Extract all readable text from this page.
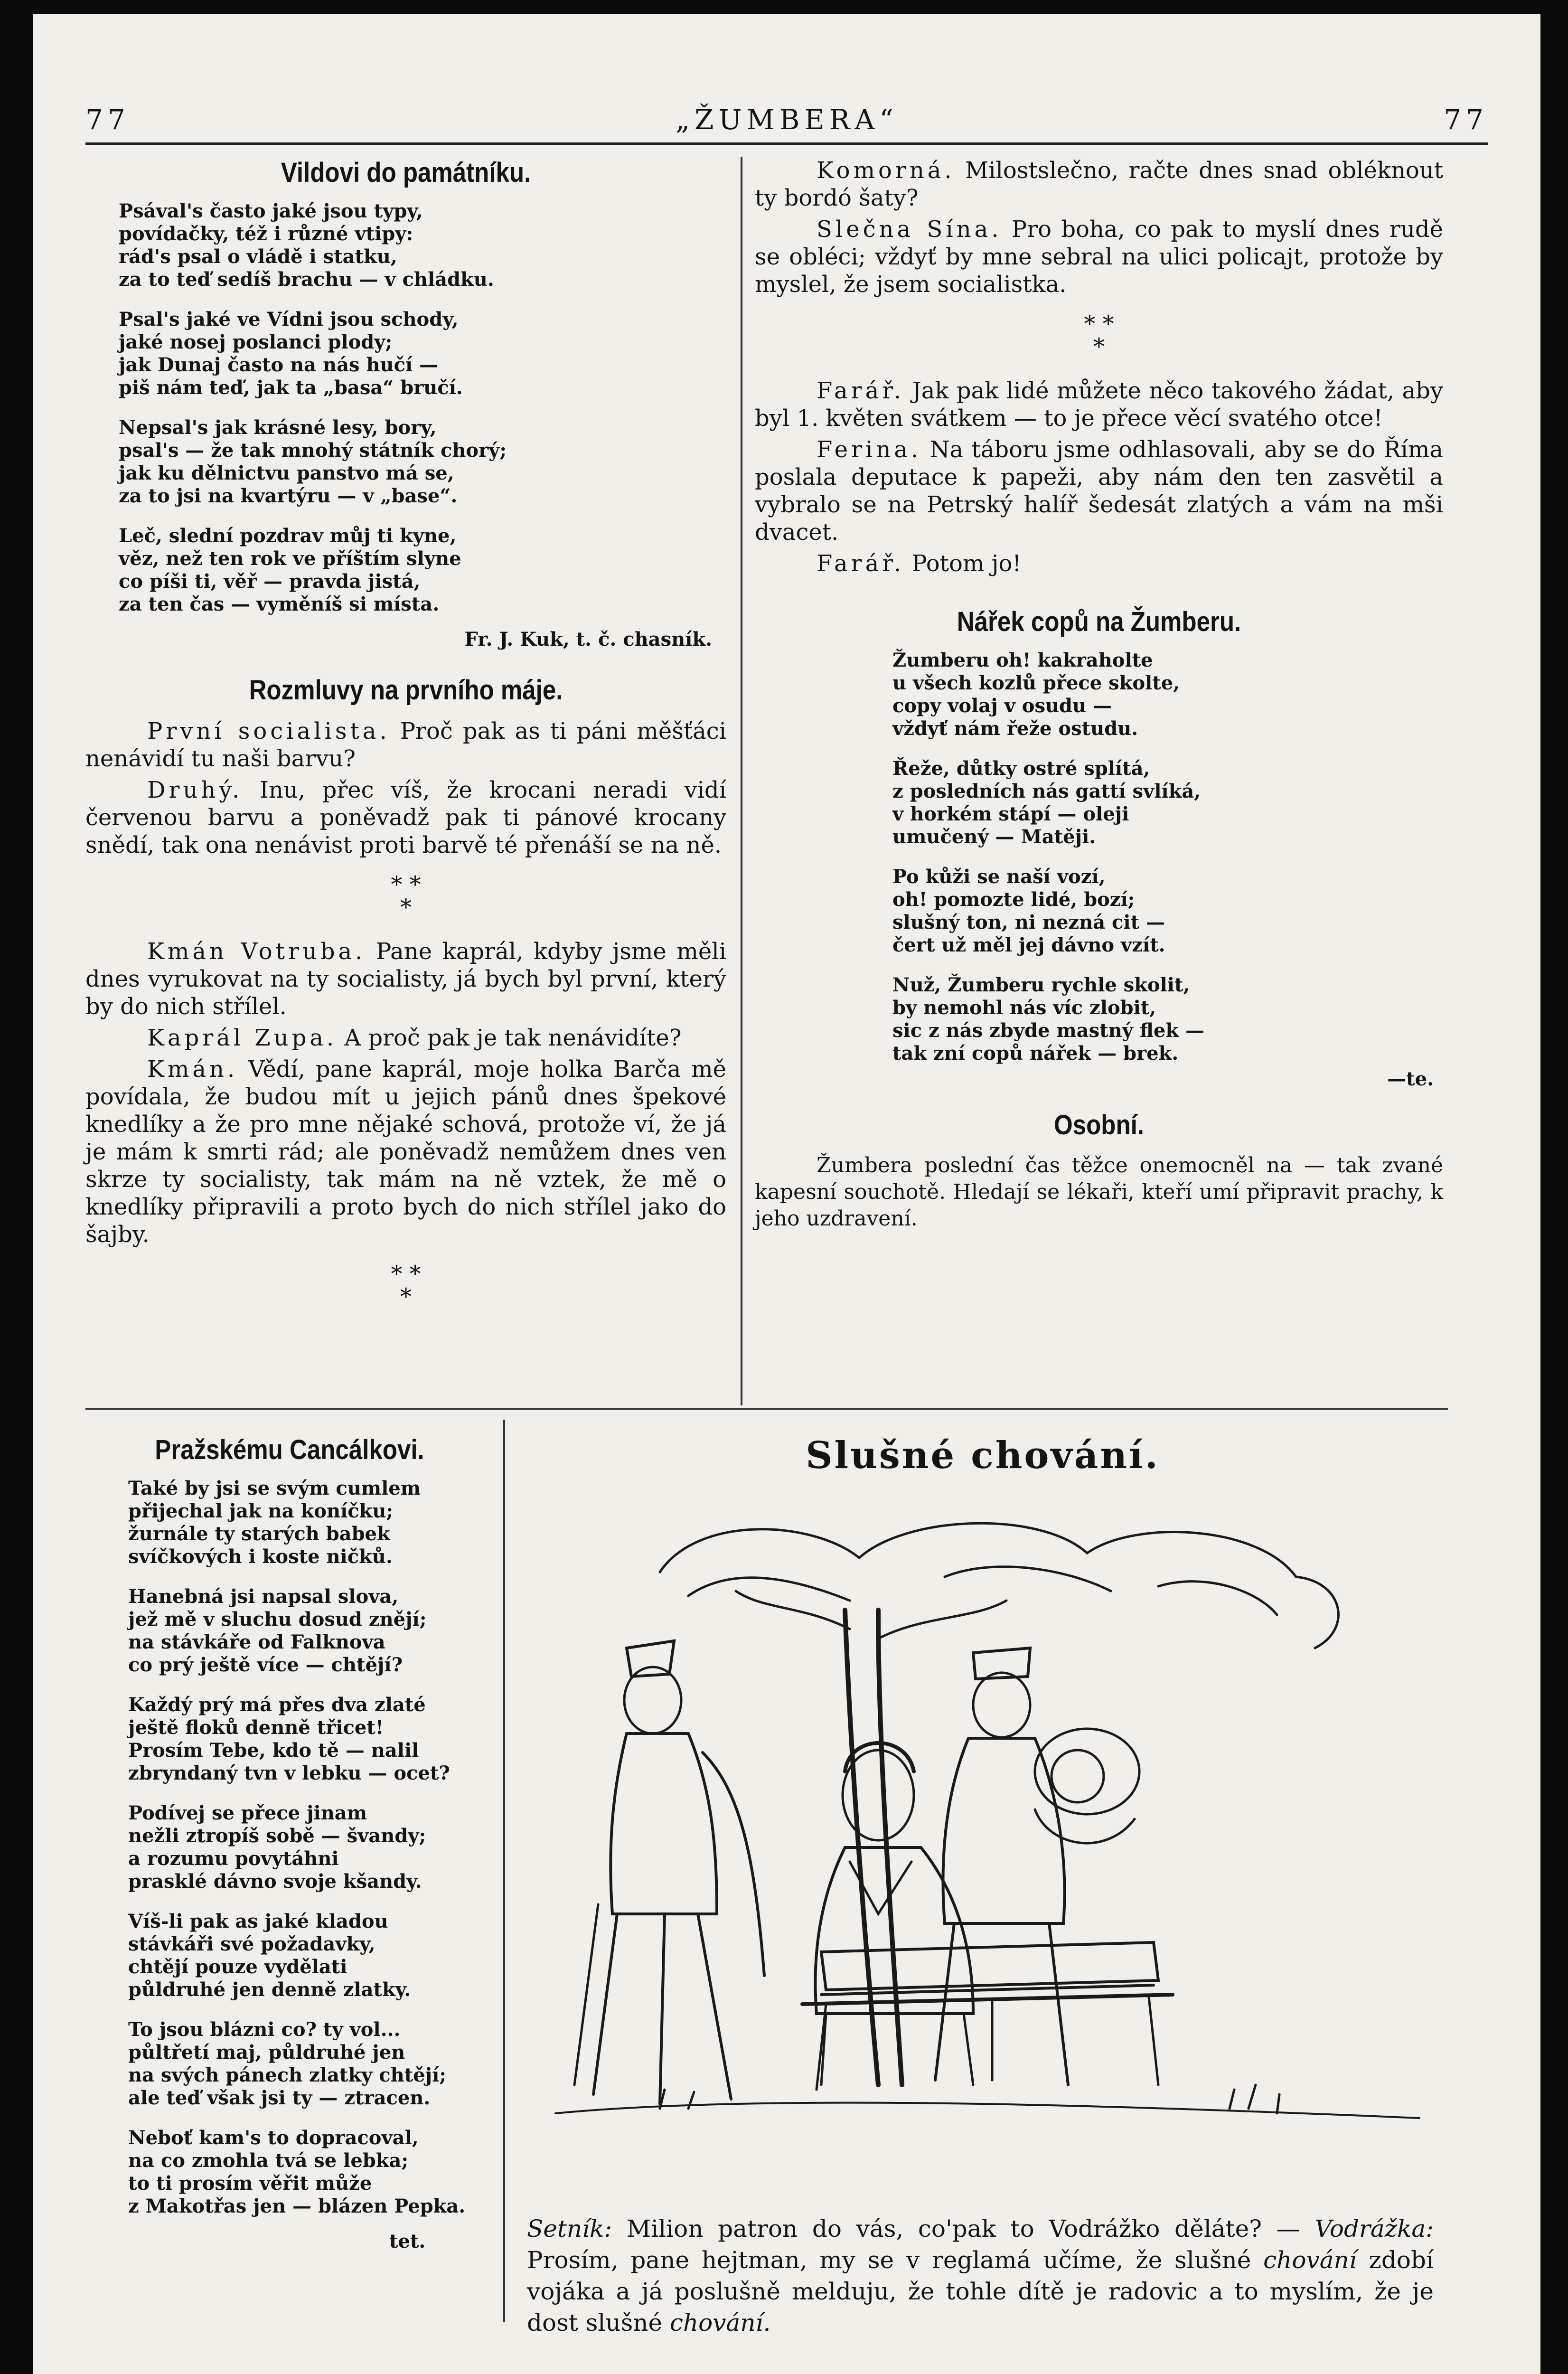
77	„ŽUMBERA“	77
Vildovi do památníku.
Psával's často jaké jsou typy,
povídačky, též i různé vtipy:
rád's psal o vládě i statku,
za to teď sedíš brachu — v chládku.
Psal's jaké ve Vídni jsou schody,
jaké nosej poslanci plody;
jak Dunaj často na nás hučí —
piš nám teď, jak ta „basa“ bručí.
Nepsal's jak krásné lesy, bory,
psal's — že tak mnohý státník chorý;
jak ku dělnictvu panstvo má se,
za to jsi na kvartýru — v „base“.
Leč, slední pozdrav můj ti kyne,
věz, než ten rok ve příštím slyne
co píši ti, věř — pravda jistá,
za ten čas — vyměníš si místa.
Fr. J. Kuk, t. č. chasník.
Rozmluvy na prvního máje.

První socialista. Proč pak as ti páni měšťáci nenávidí tu naši barvu?

Druhý. Inu, přec víš, že krocani neradi vidí červenou barvu a poněvadž pak ti pánové krocany snědí, tak ona nenávist proti barvě té přenáší se na ně.

* *
*

Kmán Votruba. Pane kaprál, kdyby jsme měli dnes vyrukovat na ty socialisty, já bych byl první, který by do nich střílel.

Kaprál Zupa. A proč pak je tak nenávidíte?

Kmán. Vědí, pane kaprál, moje holka Barča mě povídala, že budou mít u jejich pánů dnes špekové knedlíky a že pro mne nějaké schová, protože ví, že já je mám k smrti rád; ale poněvadž nemůžem dnes ven skrze ty socialisty, tak mám na ně vztek, že mě o knedlíky připravili a proto bych do nich střílel jako do šajby.

* *
*

Komorná. Milostslečno, račte dnes snad obléknout ty bordó šaty?

Slečna Sína. Pro boha, co pak to myslí dnes rudě se obléci; vždyť by mne sebral na ulici policajt, protože by myslel, že jsem socialistka.

* *
*

Farář. Jak pak lidé můžete něco takového žádat, aby byl 1. květen svátkem — to je přece věcí svatého otce!

Ferina. Na táboru jsme odhlasovali, aby se do Říma poslala deputace k papeži, aby nám den ten zasvětil a vybralo se na Petrský halíř šedesát zlatých a vám na mši dvacet.

Farář. Potom jo!

Nářek copů na Žumberu.
Žumberu oh! kakraholte
u všech kozlů přece skolte,
copy volaj v osudu —
vždyť nám řeže ostudu.
Řeže, důtky ostré splítá,
z posledních nás gattí svlíká,
v horkém stápí — oleji
umučený — Matěji.
Po kůži se naší vozí,
oh! pomozte lidé, bozí;
slušný ton, ni nezná cit —
čert už měl jej dávno vzít.
Nuž, Žumberu rychle skolit,
by nemohl nás víc zlobit,
sic z nás zbyde mastný flek —
tak zní copů nářek — brek.
—te.
Osobní.

Žumbera poslední čas těžce onemocněl na — tak zvané kapesní souchotě. Hledají se lékaři, kteří umí připravit prachy, k jeho uzdravení.

Pražskému Cancálkovi.
Také by jsi se svým cumlem
přijechal jak na koníčku;
žurnále ty starých babek
svíčkových i koste ničků.
Hanebná jsi napsal slova,
jež mě v sluchu dosud znějí;
na stávkáře od Falknova
co prý ještě více — chtějí?
Každý prý má přes dva zlaté
ještě floků denně třicet!
Prosím Tebe, kdo tě — nalil
zbryndaný tvn v lebku — ocet?
Podívej se přece jinam
nežli ztropíš sobě — švandy;
a rozumu povytáhni
prasklé dávno svoje kšandy.
Víš-li pak as jaké kladou
stávkáři své požadavky,
chtějí pouze vydělati
půldruhé jen denně zlatky.
To jsou blázni co? ty vol...
půltřetí maj, půldruhé jen
na svých pánech zlatky chtějí;
ale teď však jsi ty — ztracen.
Neboť kam's to dopracoval,
na co zmohla tvá se lebka;
to ti prosím věřit může
z Makotřas jen — blázen Pepka.
tet.
Slušné chování.

Setník: Milion patron do vás, co'pak to Vodrážko děláte? — Vodrážka: Prosím, pane hejtman, my se v reglamá učíme, že slušné chování zdobí vojáka a já poslušně melduju, že tohle dítě je radovic a to myslím, že je dost slušné chování.
